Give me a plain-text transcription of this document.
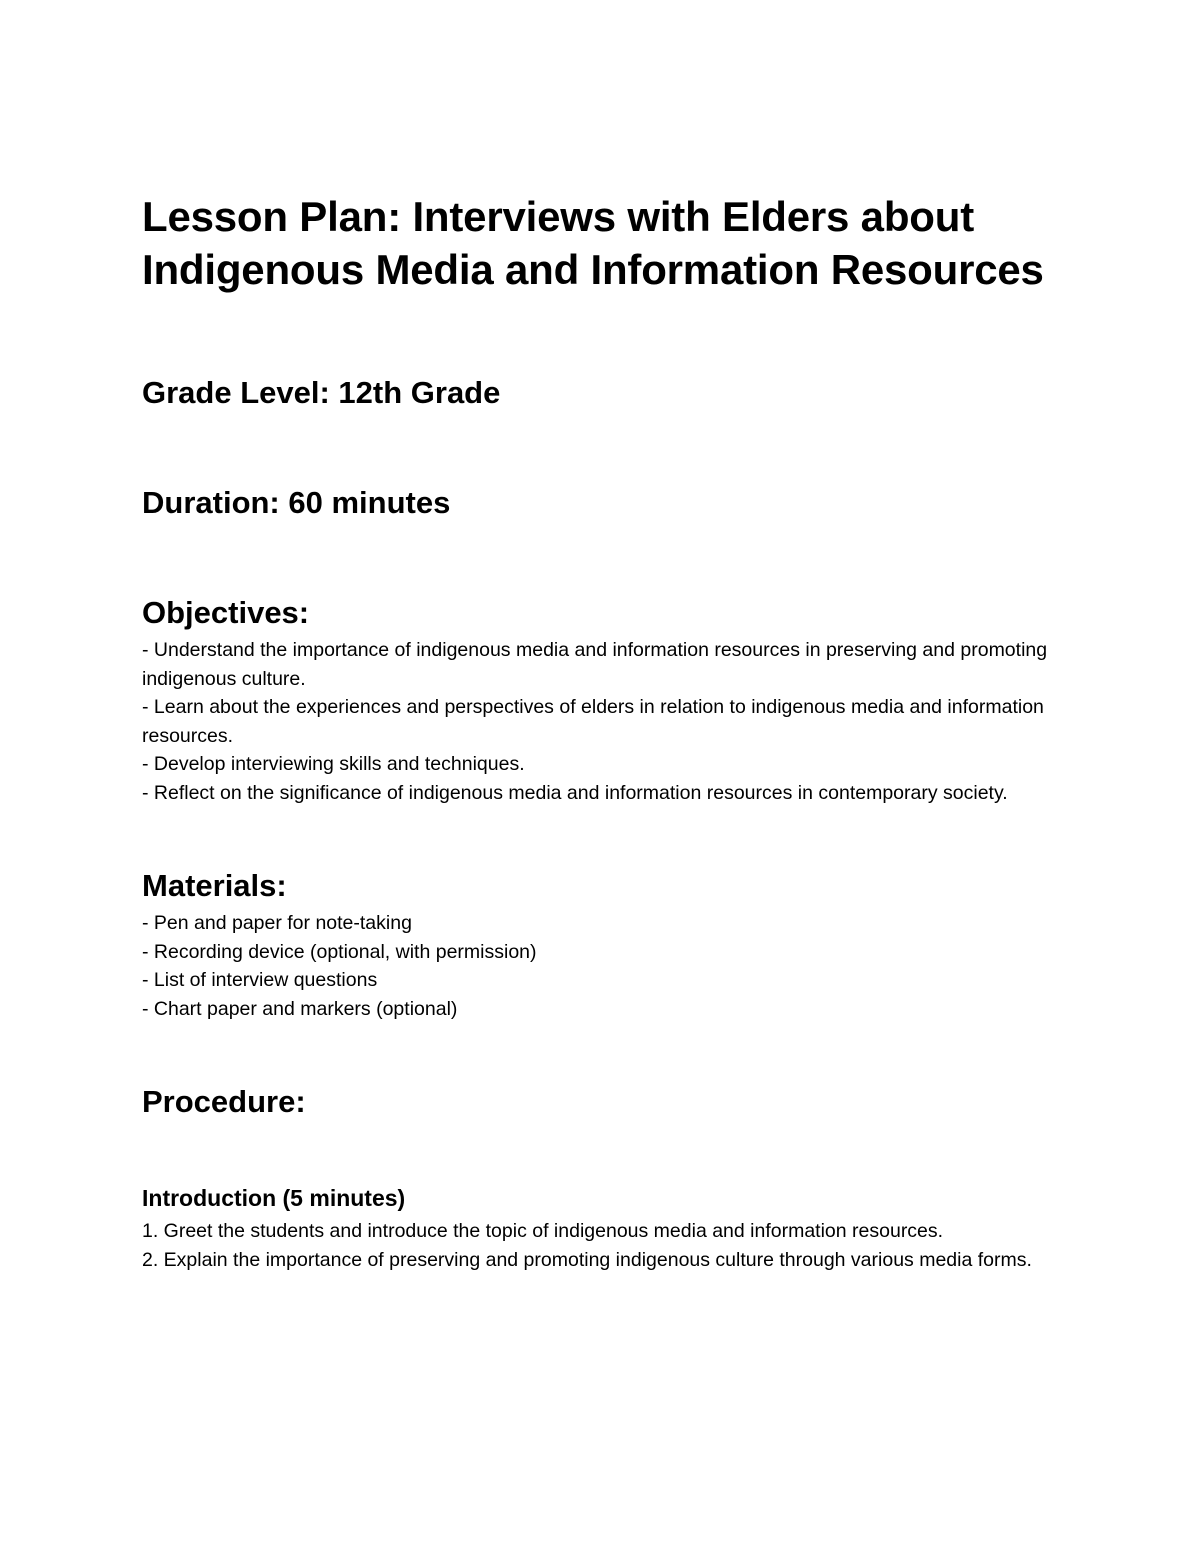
Lesson Plan: Interviews with Elders about Indigenous Media and Information Resources
Grade Level: 12th Grade
Duration: 60 minutes
Objectives:
- Understand the importance of indigenous media and information resources in preserving and promoting indigenous culture.
- Learn about the experiences and perspectives of elders in relation to indigenous media and information resources.
- Develop interviewing skills and techniques.
- Reflect on the significance of indigenous media and information resources in contemporary society.
Materials:
- Pen and paper for note-taking
- Recording device (optional, with permission)
- List of interview questions
- Chart paper and markers (optional)
Procedure:
Introduction (5 minutes)
1. Greet the students and introduce the topic of indigenous media and information resources.
2. Explain the importance of preserving and promoting indigenous culture through various media forms.
